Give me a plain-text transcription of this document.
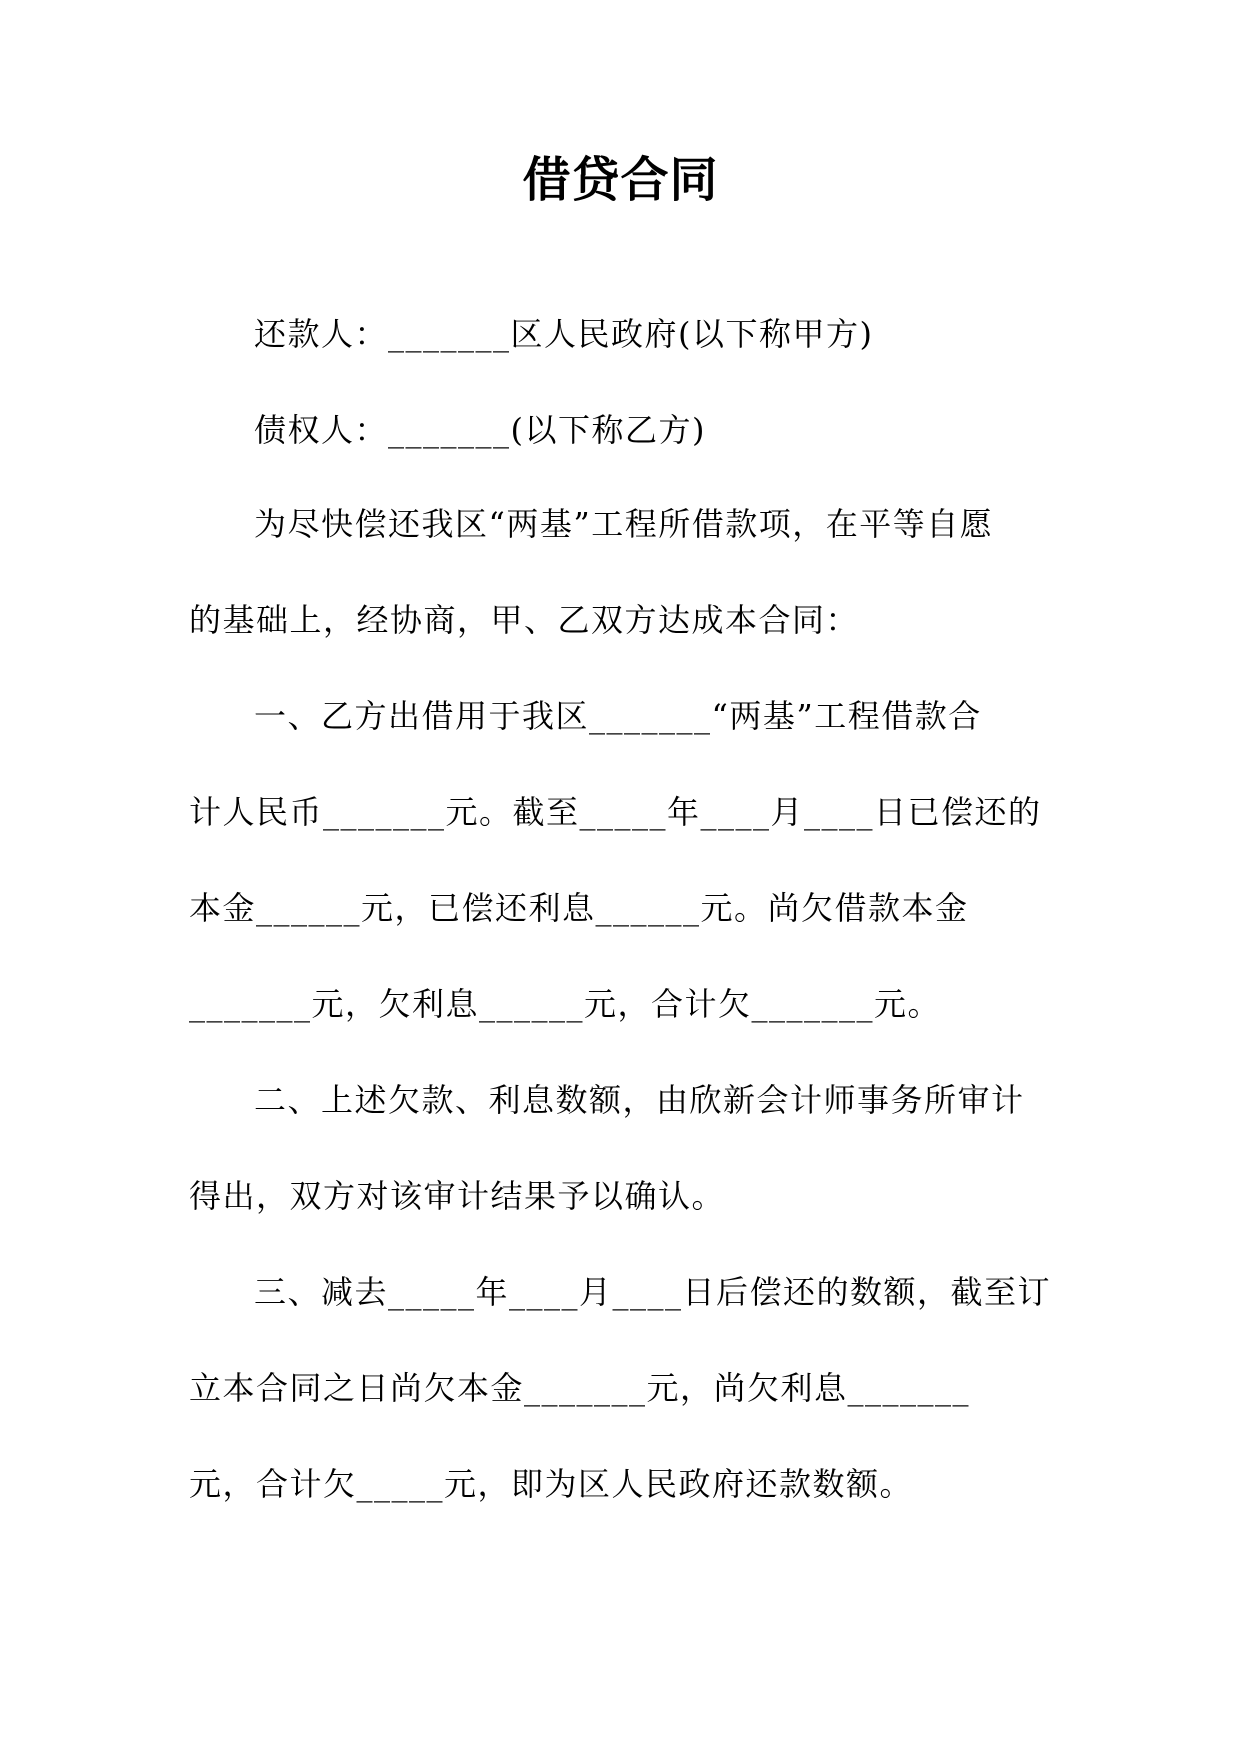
借贷合同

还款人：_______区人民政府(以下称甲方)

债权人：_______(以下称乙方)

为尽快偿还我区“两基”工程所借款项，在平等自愿

的基础上，经协商，甲、乙双方达成本合同：

一、乙方出借用于我区_______“两基”工程借款合

计人民币_______元。截至_____年____月____日已偿还的

本金______元，已偿还利息______元。尚欠借款本金

_______元，欠利息______元，合计欠_______元。

二、上述欠款、利息数额，由欣新会计师事务所审计

得出，双方对该审计结果予以确认。

三、减去_____年____月____日后偿还的数额，截至订

立本合同之日尚欠本金_______元，尚欠利息_______

元，合计欠_____元，即为区人民政府还款数额。
